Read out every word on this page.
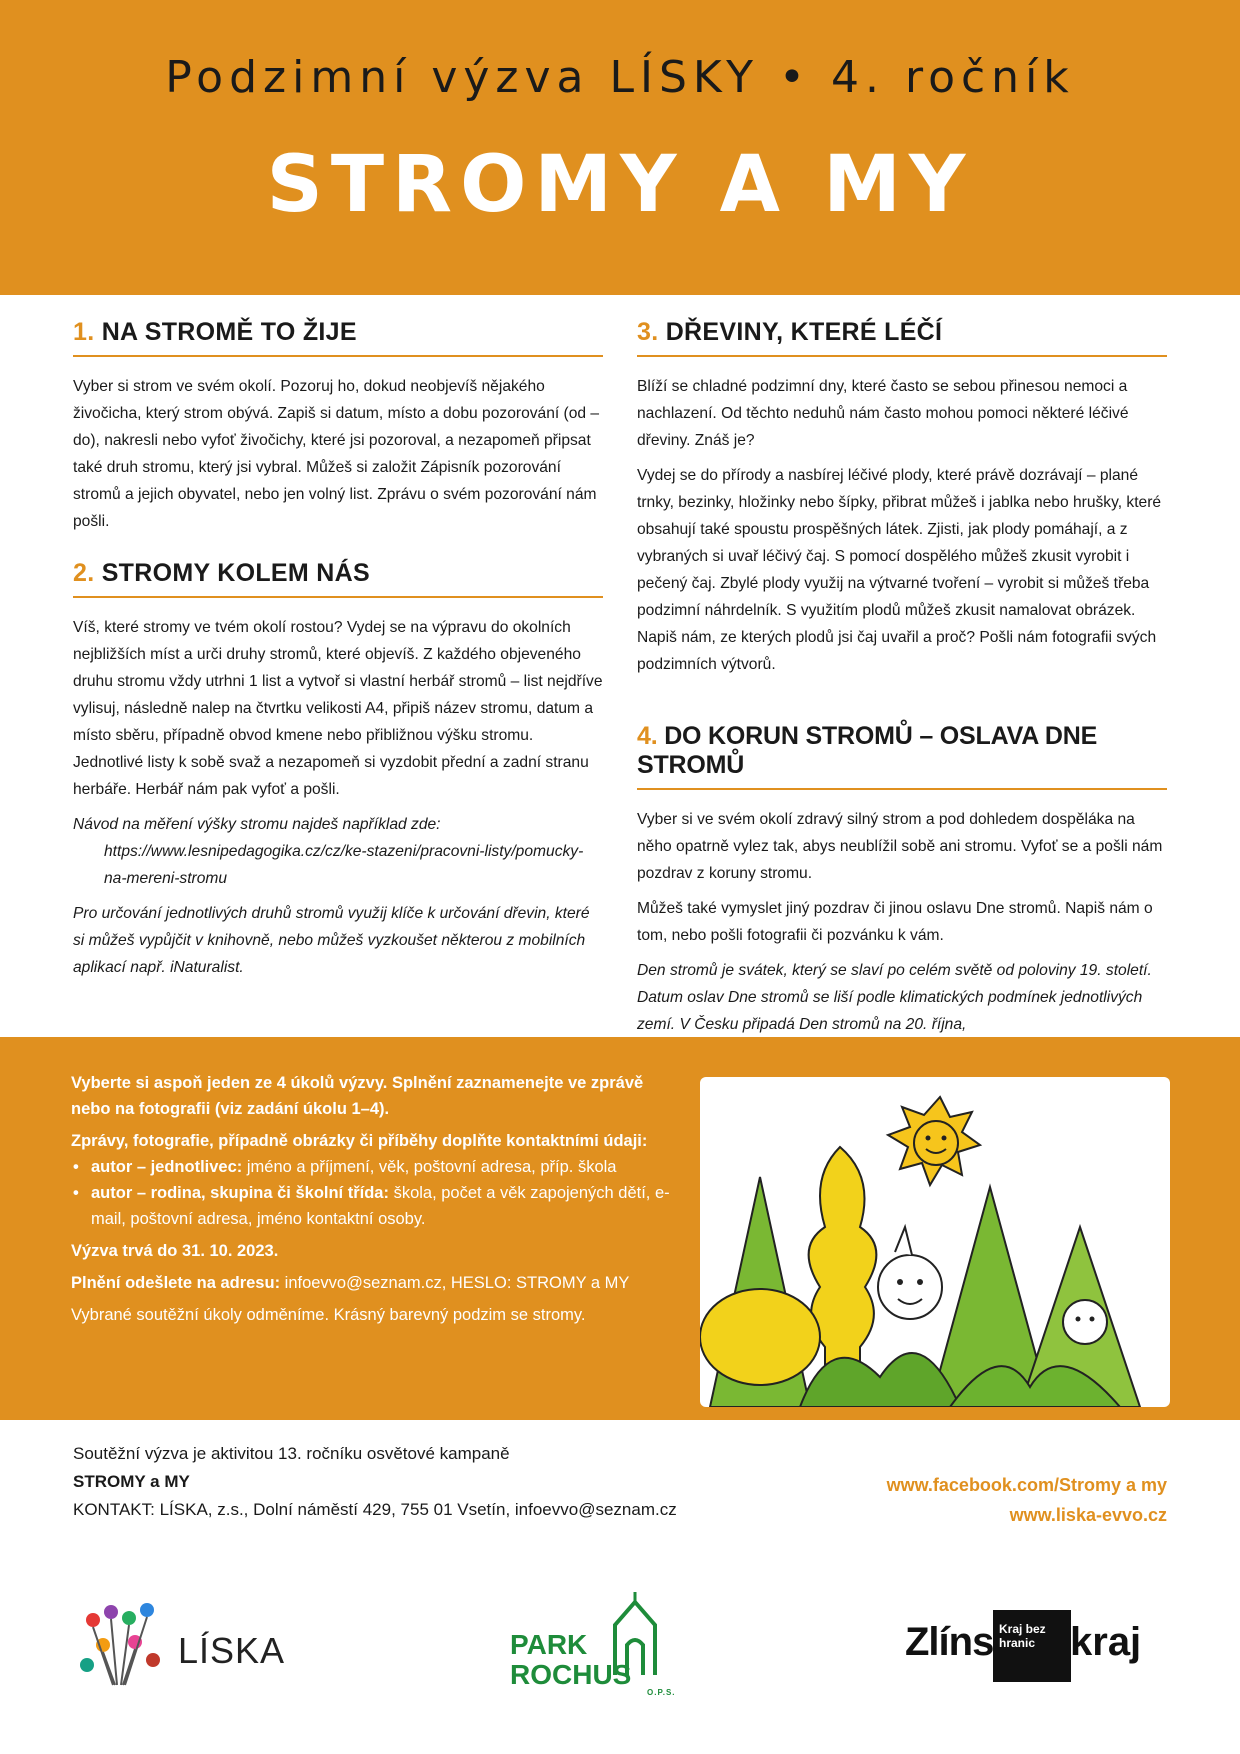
Podzimní výzva LÍSKY • 4. ročník
STROMY A MY
1. NA STROMĚ TO ŽIJE

Vyber si strom ve svém okolí. Pozoruj ho, dokud neobjevíš nějakého živočicha, který strom obývá. Zapiš si datum, místo a dobu pozorování (od – do), nakresli nebo vyfoť živočichy, které jsi pozoroval, a nezapomeň připsat také druh stromu, který jsi vybral. Můžeš si založit Zápisník pozorování stromů a jejich obyvatel, nebo jen volný list. Zprávu o svém pozorování nám pošli.

2. STROMY KOLEM NÁS

Víš, které stromy ve tvém okolí rostou? Vydej se na výpravu do okolních nejbližších míst a urči druhy stromů, které objevíš. Z každého objeveného druhu stromu vždy utrhni 1 list a vytvoř si vlastní herbář stromů – list nejdříve vylisuj, následně nalep na čtvrtku velikosti A4, připiš název stromu, datum a místo sběru, případně obvod kmene nebo přibližnou výšku stromu. Jednotlivé listy k sobě svaž a nezapomeň si vyzdobit přední a zadní stranu herbáře. Herbář nám pak vyfoť a pošli.

Návod na měření výšky stromu najdeš například zde:

https://www.lesnipedagogika.cz/cz/ke-stazeni/pracovni-listy/pomucky-na-mereni-stromu

Pro určování jednotlivých druhů stromů využij klíče k určování dřevin, které si můžeš vypůjčit v knihovně, nebo můžeš vyzkoušet některou z mobilních aplikací např. iNaturalist.

3. DŘEVINY, KTERÉ LÉČÍ

Blíží se chladné podzimní dny, které často se sebou přinesou nemoci a nachlazení. Od těchto neduhů nám často mohou pomoci některé léčivé dřeviny. Znáš je?

Vydej se do přírody a nasbírej léčivé plody, které právě dozrávají – plané trnky, bezinky, hložinky nebo šípky, přibrat můžeš i jablka nebo hrušky, které obsahují také spoustu prospěšných látek. Zjisti, jak plody pomáhají, a z vybraných si uvař léčivý čaj. S pomocí dospělého můžeš zkusit vyrobit i pečený čaj. Zbylé plody využij na výtvarné tvoření – vyrobit si můžeš třeba podzimní náhrdelník. S využitím plodů můžeš zkusit namalovat obrázek. Napiš nám, ze kterých plodů jsi čaj uvařil a proč? Pošli nám fotografii svých podzimních výtvorů.

4. DO KORUN STROMŮ – OSLAVA DNE STROMŮ

Vyber si ve svém okolí zdravý silný strom a pod dohledem dospěláka na něho opatrně vylez tak, abys neublížil sobě ani stromu. Vyfoť se a pošli nám pozdrav z koruny stromu.

Můžeš také vymyslet jiný pozdrav či jinou oslavu Dne stromů. Napiš nám o tom, nebo pošli fotografii či pozvánku k vám.

Den stromů je svátek, který se slaví po celém světě od poloviny 19. století. Datum oslav Dne stromů se liší podle klimatických podmínek jednotlivých zemí. V Česku připadá Den stromů na 20. října,

Vyberte si aspoň jeden ze 4 úkolů výzvy. Splnění zaznamenejte ve zprávě nebo na fotografii (viz zadání úkolu 1–4).

Zprávy, fotografie, případně obrázky či příběhy doplňte kontaktními údaji:

• autor – jednotlivec: jméno a příjmení, věk, poštovní adresa, příp. škola
• autor – rodina, skupina či školní třída: škola, počet a věk zapojených dětí, e-mail, poštovní adresa, jméno kontaktní osoby.

Výzva trvá do 31. 10. 2023.

Plnění odešlete na adresu: infoevvo@seznam.cz, HESLO: STROMY a MY

Vybrané soutěžní úkoly odměníme. Krásný barevný podzim se stromy.

Soutěžní výzva je aktivitou 13. ročníku osvětové kampaně
STROMY a MY
KONTAKT: LÍSKA, z.s., Dolní náměstí 429, 755 01 Vsetín, infoevvo@seznam.cz
www.facebook.com/Stromy a my
www.liska-evvo.cz
LÍSKA	PARK
ROCHUS
O.P.S.
Zlíns Kraj bez hranic kraj
